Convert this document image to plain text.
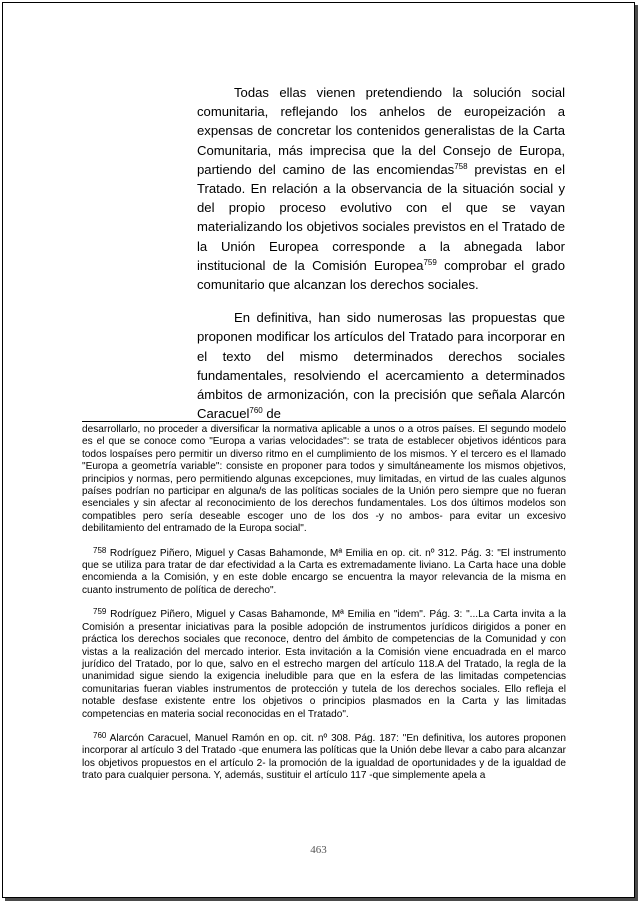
Todas ellas vienen pretendiendo la solución social comunitaria, reflejando los anhelos de europeización a expensas de concretar los contenidos generalistas de la Carta Comunitaria, más imprecisa que la del Consejo de Europa, partiendo del camino de las encomiendas$^{758}$ previstas en el Tratado. En relación a la observancia de la situación social y del propio proceso evolutivo con el que se vayan materializando los objetivos sociales previstos en el Tratado de la Unión Europea corresponde a la abnegada labor institucional de la Comisión Europea$^{759}$ comprobar el grado comunitario que alcanzan los derechos sociales.

En definitiva, han sido numerosas las propuestas que proponen modificar los artículos del Tratado para incorporar en el texto del mismo determinados derechos sociales fundamentales, resolviendo el acercamiento a determinados ámbitos de armonización, con la precisión que señala Alarcón Caracuel$^{760}$ de

desarrollarlo, no proceder a diversificar la normativa aplicable a unos o a otros países. El segundo modelo es el que se conoce como "Europa a varias velocidades": se trata de establecer objetivos idénticos para todos lospaíses pero permitir un diverso ritmo en el cumplimiento de los mismos. Y el tercero es el llamado "Europa a geometría variable": consiste en proponer para todos y simultáneamente los mismos objetivos, principios y normas, pero permitiendo algunas excepciones, muy limitadas, en virtud de las cuales algunos países podrían no participar en alguna/s de las políticas sociales de la Unión pero siempre que no fueran esenciales y sin afectar al reconocimiento de los derechos fundamentales. Los dos últimos modelos son compatibles pero sería deseable escoger uno de los dos -y no ambos- para evitar un excesivo debilitamiento del entramado de la Europa social".

$^{758}$ Rodríguez Piñero, Miguel y Casas Bahamonde, Mª Emilia en op. cit. nº 312. Pág. 3: "El instrumento que se utiliza para tratar de dar efectividad a la Carta es extremadamente liviano. La Carta hace una doble encomienda a la Comisión, y en este doble encargo se encuentra la mayor relevancia de la misma en cuanto instrumento de política de derecho".

$^{759}$ Rodríguez Piñero, Miguel y Casas Bahamonde, Mª Emilia en "idem". Pág. 3: "...La Carta invita a la Comisión a presentar iniciativas para la posible adopción de instrumentos jurídicos dirigidos a poner en práctica los derechos sociales que reconoce, dentro del ámbito de competencias de la Comunidad y con vistas a la realización del mercado interior. Esta invitación a la Comisión viene encuadrada en el marco jurídico del Tratado, por lo que, salvo en el estrecho margen del artículo 118.A del Tratado, la regla de la unanimidad sigue siendo la exigencia ineludible para que en la esfera de las limitadas competencias comunitarias fueran viables instrumentos de protección y tutela de los derechos sociales. Ello refleja el notable desfase existente entre los objetivos o principios plasmados en la Carta y las limitadas competencias en materia social reconocidas en el Tratado".

$^{760}$ Alarcón Caracuel, Manuel Ramón en op. cit. nº 308. Pág. 187: "En definitiva, los autores proponen incorporar al artículo 3 del Tratado -que enumera las políticas que la Unión debe llevar a cabo para alcanzar los objetivos propuestos en el artículo 2- la promoción de la igualdad de oportunidades y de la igualdad de trato para cualquier persona. Y, además, sustituir el artículo 117 -que simplemente apela a

463
